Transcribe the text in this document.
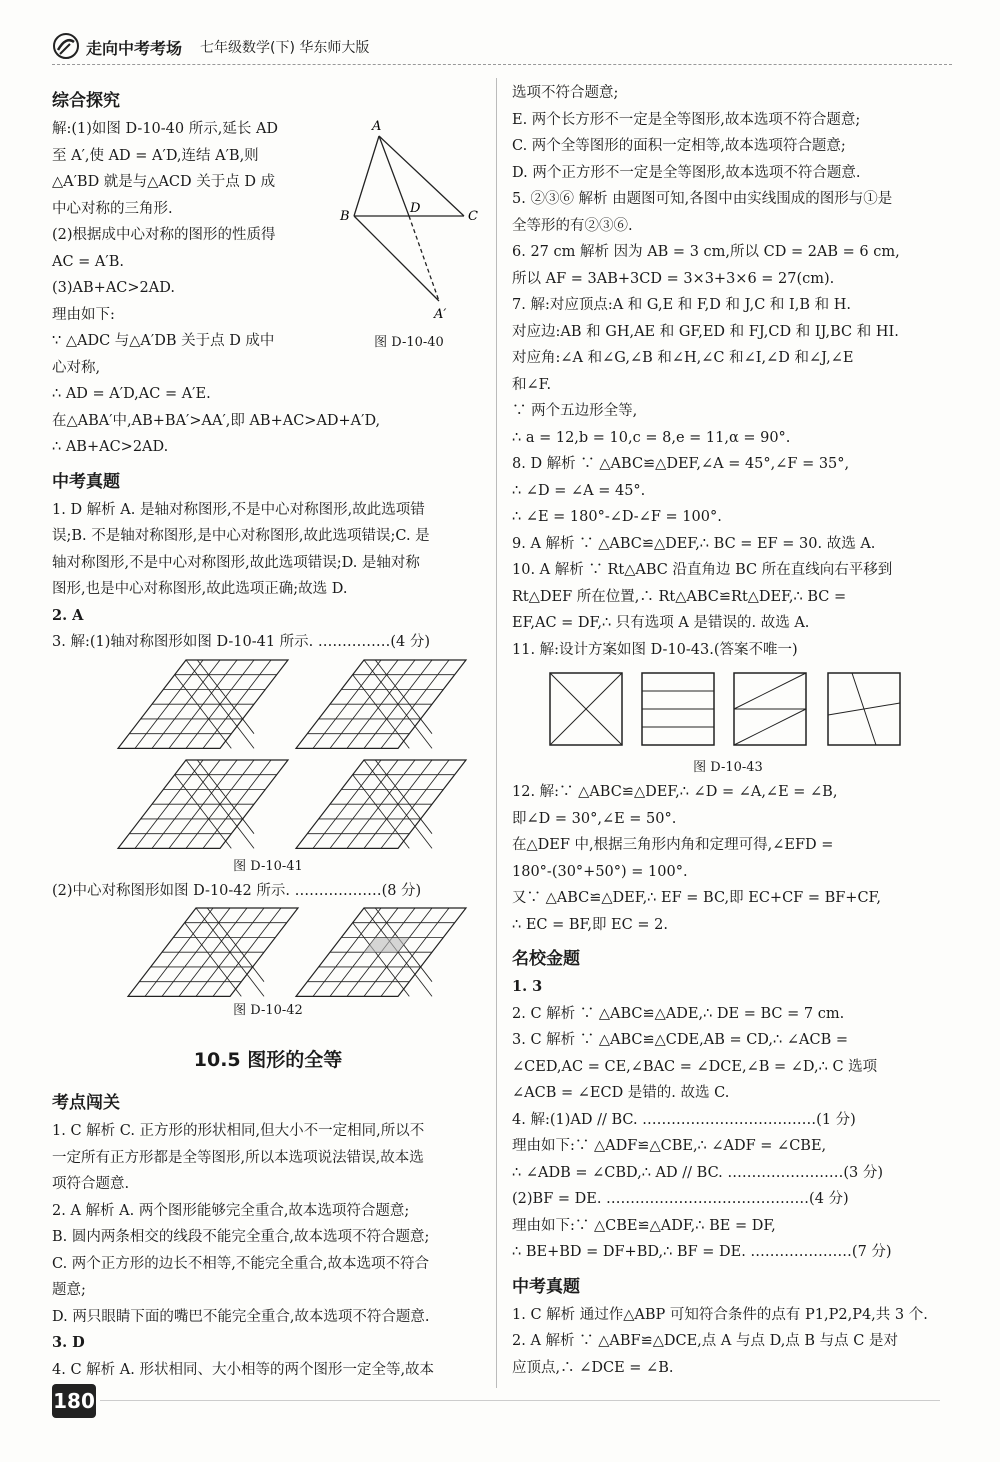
走向中考考场 七年级数学(下) 华东师大版
综合探究
解:(1)如图 D-10-40 所示,延长 AD
至 A′,使 AD = A′D,连结 A′B,则
△A′BD 就是与△ACD 关于点 D 成
中心对称的三角形.
(2)根据成中心对称的图形的性质得
AC = A′B.
(3)AB+AC>2AD.
理由如下:
∵ △ADC 与△A′DB 关于点 D 成中
心对称,
∴ AD = A′D,AC = A′E.
在△ABA′中,AB+BA′>AA′,即 AB+AC>AD+A′D,
∴ AB+AC>2AD.
A
B
D
C
A′
图 D-10-40
中考真题
1. D 解析 A. 是轴对称图形,不是中心对称图形,故此选项错
误;B. 不是轴对称图形,是中心对称图形,故此选项错误;C. 是
轴对称图形,不是中心对称图形,故此选项错误;D. 是轴对称
图形,也是中心对称图形,故此选项正确;故选 D.
2. A
3. 解:(1)轴对称图形如图 D-10-41 所示. ……………(4 分)
图 D-10-41
(2)中心对称图形如图 D-10-42 所示. ………………(8 分)
图 D-10-42
10.5 图形的全等
考点闯关
1. C 解析 C. 正方形的形状相同,但大小不一定相同,所以不
一定所有正方形都是全等图形,所以本选项说法错误,故本选
项符合题意.
2. A 解析 A. 两个图形能够完全重合,故本选项符合题意;
B. 圆内两条相交的线段不能完全重合,故本选项不符合题意;
C. 两个正方形的边长不相等,不能完全重合,故本选项不符合
题意;
D. 两只眼睛下面的嘴巴不能完全重合,故本选项不符合题意.
3. D
4. C 解析 A. 形状相同、大小相等的两个图形一定全等,故本
选项不符合题意;
E. 两个长方形不一定是全等图形,故本选项不符合题意;
C. 两个全等图形的面积一定相等,故本选项符合题意;
D. 两个正方形不一定是全等图形,故本选项不符合题意.
5. ②③⑥ 解析 由题图可知,各图中由实线围成的图形与①是
全等形的有②③⑥.
6. 27 cm 解析 因为 AB = 3 cm,所以 CD = 2AB = 6 cm,
所以 AF = 3AB+3CD = 3×3+3×6 = 27(cm).
7. 解:对应顶点:A 和 G,E 和 F,D 和 J,C 和 I,B 和 H.
对应边:AB 和 GH,AE 和 GF,ED 和 FJ,CD 和 IJ,BC 和 HI.
对应角:∠A 和∠G,∠B 和∠H,∠C 和∠I,∠D 和∠J,∠E
和∠F.
∵ 两个五边形全等,
∴ a = 12,b = 10,c = 8,e = 11,α = 90°.
8. D 解析 ∵ △ABC≌△DEF,∠A = 45°,∠F = 35°,
∴ ∠D = ∠A = 45°.
∴ ∠E = 180°-∠D-∠F = 100°.
9. A 解析 ∵ △ABC≌△DEF,∴ BC = EF = 30. 故选 A.
10. A 解析 ∵ Rt△ABC 沿直角边 BC 所在直线向右平移到
Rt△DEF 所在位置,∴ Rt△ABC≌Rt△DEF,∴ BC =
EF,AC = DF,∴ 只有选项 A 是错误的. 故选 A.
11. 解:设计方案如图 D-10-43.(答案不唯一)
图 D-10-43
12. 解:∵ △ABC≌△DEF,∴ ∠D = ∠A,∠E = ∠B,
即∠D = 30°,∠E = 50°.
在△DEF 中,根据三角形内角和定理可得,∠EFD =
180°-(30°+50°) = 100°.
又∵ △ABC≌△DEF,∴ EF = BC,即 EC+CF = BF+CF,
∴ EC = BF,即 EC = 2.
名校金题
1. 3
2. C 解析 ∵ △ABC≌△ADE,∴ DE = BC = 7 cm.
3. C 解析 ∵ △ABC≌△CDE,AB = CD,∴ ∠ACB =
∠CED,AC = CE,∠BAC = ∠DCE,∠B = ∠D,∴ C 选项
∠ACB = ∠ECD 是错的. 故选 C.
4. 解:(1)AD // BC. ………………………………(1 分)
理由如下:∵ △ADF≌△CBE,∴ ∠ADF = ∠CBE,
∴ ∠ADB = ∠CBD,∴ AD // BC. ……………………(3 分)
(2)BF = DE. ……………………………………(4 分)
理由如下:∵ △CBE≌△ADF,∴ BE = DF,
∴ BE+BD = DF+BD,∴ BF = DE. …………………(7 分)
中考真题
1. C 解析 通过作△ABP 可知符合条件的点有 P1,P2,P4,共 3 个.
2. A 解析 ∵ △ABF≌△DCE,点 A 与点 D,点 B 与点 C 是对
应顶点,∴ ∠DCE = ∠B.
180
